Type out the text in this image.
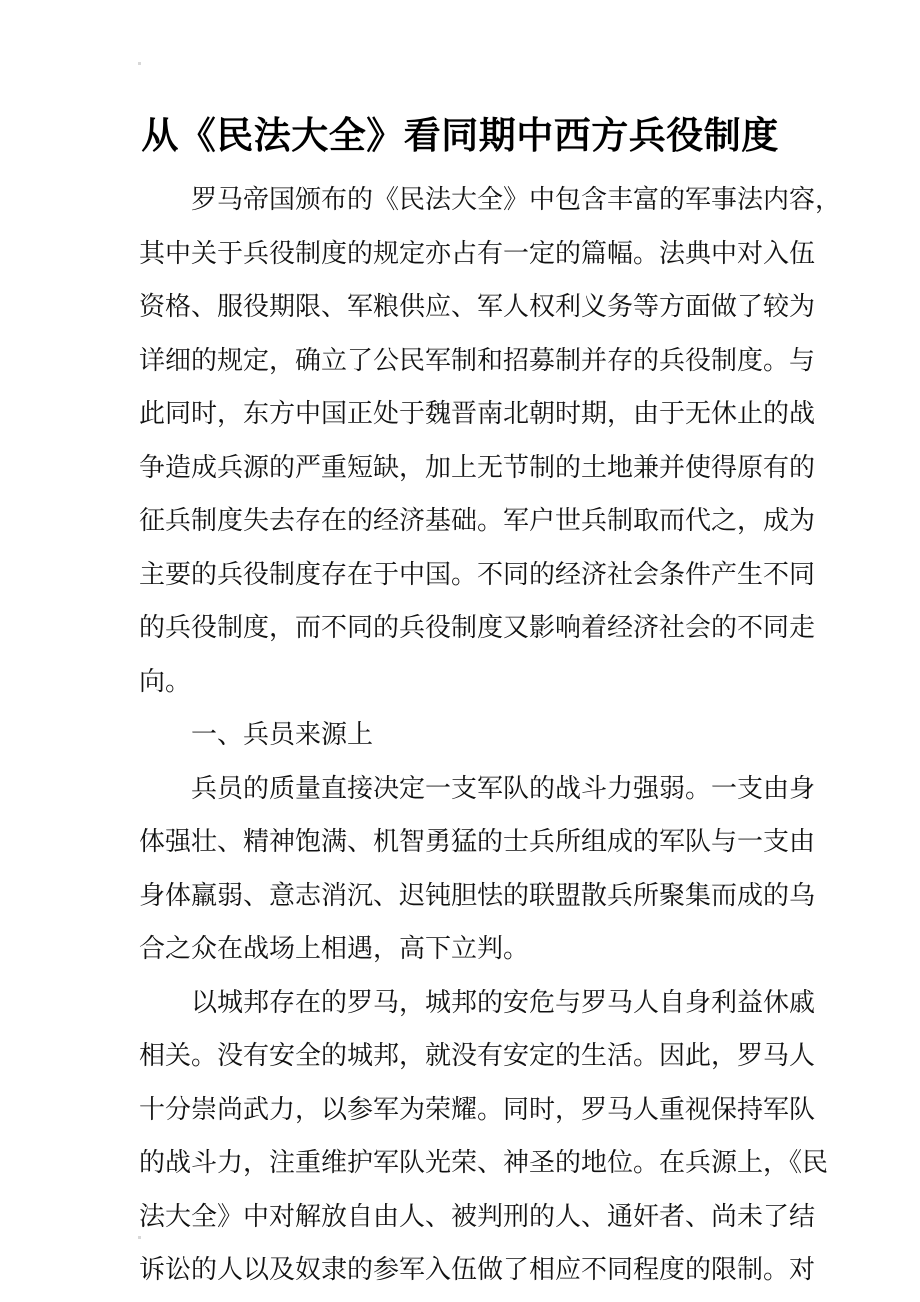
从《民法大全》看同期中西方兵役制度
罗马帝国颁布的《民法大全》中包含丰富的军事法内容，
其中关于兵役制度的规定亦占有一定的篇幅。法典中对入伍
资格、服役期限、军粮供应、军人权利义务等方面做了较为
详细的规定，确立了公民军制和招募制并存的兵役制度。与
此同时，东方中国正处于魏晋南北朝时期，由于无休止的战
争造成兵源的严重短缺，加上无节制的土地兼并使得原有的
征兵制度失去存在的经济基础。军户世兵制取而代之，成为
主要的兵役制度存在于中国。不同的经济社会条件产生不同
的兵役制度，而不同的兵役制度又影响着经济社会的不同走
向。
一、兵员来源上
兵员的质量直接决定一支军队的战斗力强弱。一支由身
体强壮、精神饱满、机智勇猛的士兵所组成的军队与一支由
身体羸弱、意志消沉、迟钝胆怯的联盟散兵所聚集而成的乌
合之众在战场上相遇，高下立判。
以城邦存在的罗马，城邦的安危与罗马人自身利益休戚
相关。没有安全的城邦，就没有安定的生活。因此，罗马人
十分崇尚武力，以参军为荣耀。同时，罗马人重视保持军队
的战斗力，注重维护军队光荣、神圣的地位。在兵源上，《民
法大全》中对解放自由人、被判刑的人、通奸者、尚未了结
诉讼的人以及奴隶的参军入伍做了相应不同程度的限制。对
